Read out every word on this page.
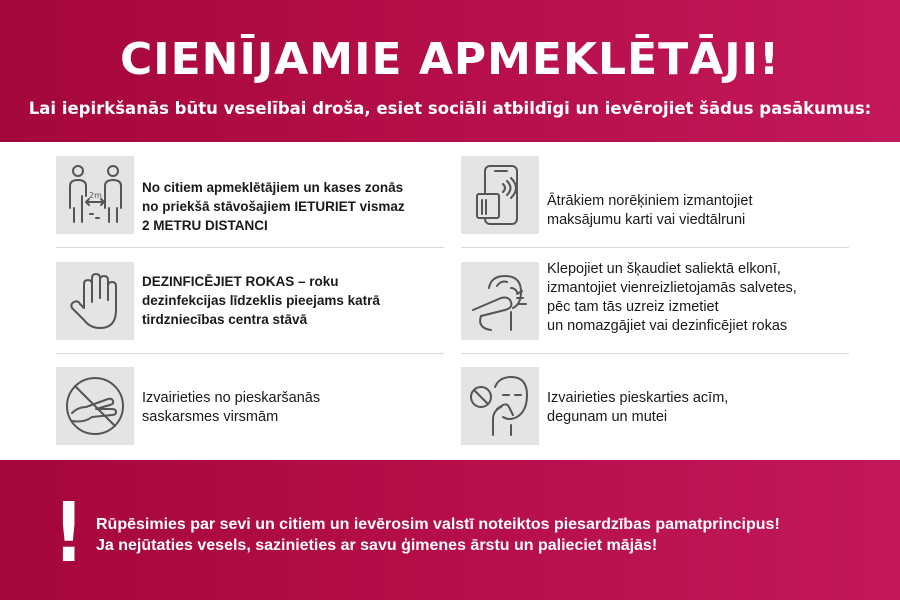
CIENĪJAMIE APMEKLĒTĀJI!
Lai iepirkšanās būtu veselībai droša, esiet sociāli atbildīgi un ievērojiet šādus pasākumus:
2m
No citiem apmeklētājiem un kases zonās
no priekšā stāvošajiem IETURIET vismaz
2 METRU DISTANCI
Ātrākiem norēķiniem izmantojiet
maksājumu karti vai viedtālruni
DEZINFICĒJIET ROKAS – roku
dezinfekcijas līdzeklis pieejams katrā
tirdzniecības centra stāvā
Klepojiet un šķaudiet saliektā elkonī,
izmantojiet vienreizlietojamās salvetes,
pēc tam tās uzreiz izmetiet
un nomazgājiet vai dezinficējiet rokas
Izvairieties no pieskaršanās
saskarsmes virsmām
Izvairieties pieskarties acīm,
degunam un mutei
! Rūpēsimies par sevi un citiem un ievērosim valstī noteiktos piesardzības pamatprincipus!
Ja nejūtaties vesels, sazinieties ar savu ģimenes ārstu un palieciet mājās!
